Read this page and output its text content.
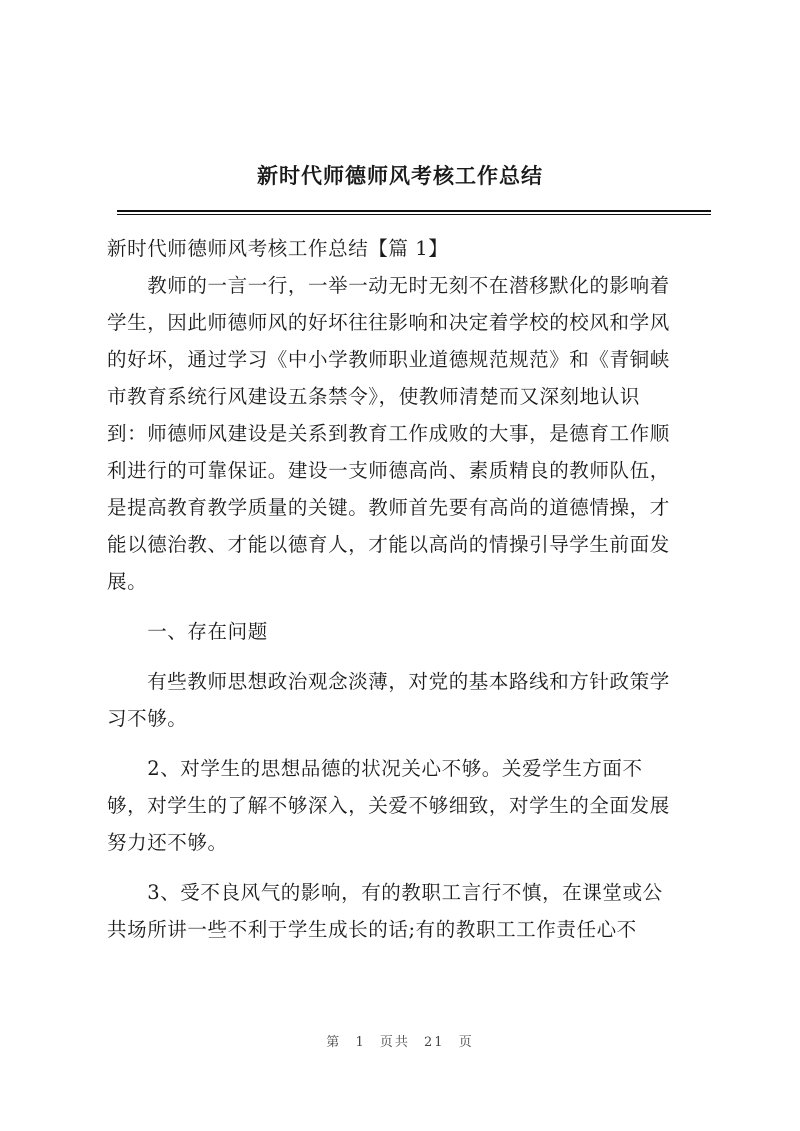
新时代师德师风考核工作总结
新时代师德师风考核工作总结【篇 1】
　　教师的一言一行，一举一动无时无刻不在潜移默化的影响着
学生，因此师德师风的好坏往往影响和决定着学校的校风和学风
的好坏，通过学习《中小学教师职业道德规范规范》和《青铜峡
市教育系统行风建设五条禁令》，使教师清楚而又深刻地认识
到：师德师风建设是关系到教育工作成败的大事，是德育工作顺
利进行的可靠保证。建设一支师德高尚、素质精良的教师队伍，
是提高教育教学质量的关键。教师首先要有高尚的道德情操，才
能以德治教、才能以德育人，才能以高尚的情操引导学生前面发
展。
　　一、存在问题
　　有些教师思想政治观念淡薄，对党的基本路线和方针政策学
习不够。
　　2、对学生的思想品德的状况关心不够。关爱学生方面不
够，对学生的了解不够深入，关爱不够细致，对学生的全面发展
努力还不够。
　　3、受不良风气的影响，有的教职工言行不慎，在课堂或公
共场所讲一些不利于学生成长的话;有的教职工工作责任心不
第 1 页共 21 页
